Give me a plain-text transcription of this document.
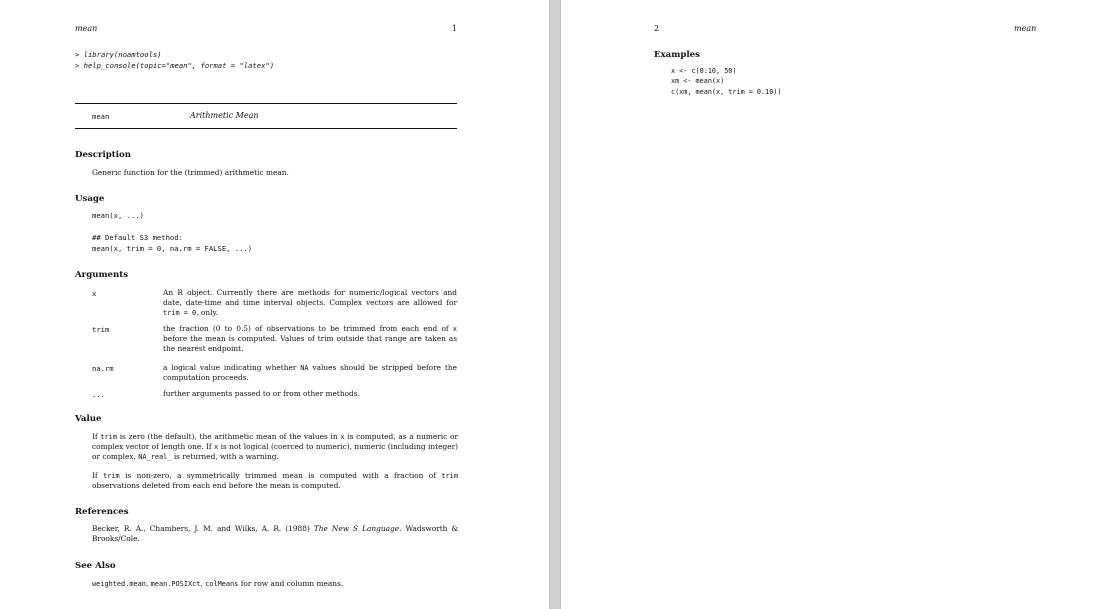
mean	1
> library(noamtools)
> help_console(topic="mean", format = "latex")
mean	Arithmetic Mean
Description
Generic function for the (trimmed) arithmetic mean.
Usage
mean(x, ...)
## Default S3 method:
mean(x, trim = 0, na.rm = FALSE, ...)
Arguments
x	An R object. Currently there are methods for numeric/logical vectors and date, date-time and time interval objects. Complex vectors are allowed for trim = 0, only.
trim	the fraction (0 to 0.5) of observations to be trimmed from each end of x before the mean is computed. Values of trim outside that range are taken as the nearest endpoint.
na.rm	a logical value indicating whether NA values should be stripped before the computation proceeds.
...	further arguments passed to or from other methods.
Value
If trim is zero (the default), the arithmetic mean of the values in x is computed, as a numeric or complex vector of length one. If x is not logical (coerced to numeric), numeric (including integer) or complex, NA_real_ is returned, with a warning.
If trim is non-zero, a symmetrically trimmed mean is computed with a fraction of trim observations deleted from each end before the mean is computed.
References
Becker, R. A., Chambers, J. M. and Wilks, A. R. (1988) The New S Language. Wadsworth & Brooks/Cole.
See Also
weighted.mean, mean.POSIXct, colMeans for row and column means.
2	mean
Examples
x <- c(0:10, 50)
xm <- mean(x)
c(xm, mean(x, trim = 0.10))
